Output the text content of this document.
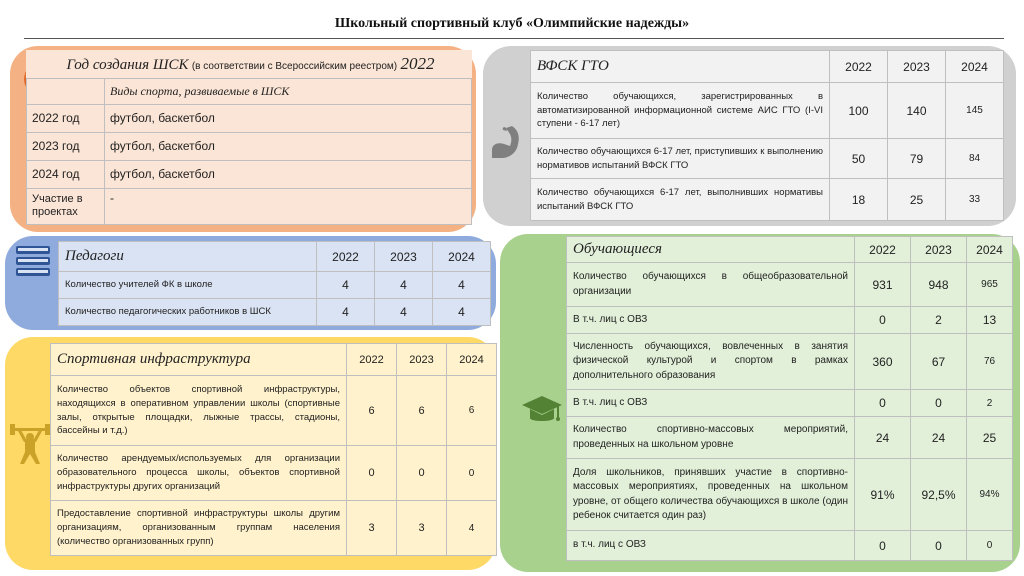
Школьный спортивный клуб «Олимпийские надежды»
Год создания ШСК (в соответствии с Всероссийским реестром) 2022	
	Виды спорта, развиваемые в ШСК
2022 год	футбол, баскетбол
2023 год	футбол, баскетбол
2024 год	футбол, баскетбол
Участие в проектах	-
ВФСК ГТО	2022	2023	2024
Количество обучающихся, зарегистрированных в автоматизированной информационной системе АИС ГТО (I-VI ступени - 6-17 лет)	100	140	145
Количество обучающихся 6-17 лет, приступивших к выполнению нормативов испытаний ВФСК ГТО	50	79	84
Количество обучающихся 6-17 лет, выполнивших нормативы испытаний ВФСК ГТО	18	25	33
Педагоги	2022	2023	2024
Количество учителей ФК в школе	4	4	4
Количество педагогических работников в ШСК	4	4	4
Спортивная инфраструктура	2022	2023	2024
Количество объектов спортивной инфраструктуры, находящихся в оперативном управлении школы (спортивные залы, открытые площадки, лыжные трассы, стадионы, бассейны и т.д.)	6	6	6
Количество арендуемых/используемых для организации образовательного процесса школы, объектов спортивной инфраструктуры других организаций	0	0	0
Предоставление спортивной инфраструктуры школы другим организациям, организованным группам населения (количество организованных групп)	3	3	4
Обучающиеся	2022	2023	2024
Количество обучающихся в общеобразовательной организации	931	948	965
В т.ч. лиц с ОВЗ	0	2	13
Численность обучающихся, вовлеченных в занятия физической культурой и спортом в рамках дополнительного образования	360	67	76
В т.ч. лиц с ОВЗ	0	0	2
Количество спортивно-массовых мероприятий, проведенных на школьном уровне	24	24	25
Доля школьников, принявших участие в спортивно-массовых мероприятиях, проведенных на школьном уровне, от общего количества обучающихся в школе (один ребенок считается один раз)	91%	92,5%	94%
в т.ч. лиц с ОВЗ	0	0	0
